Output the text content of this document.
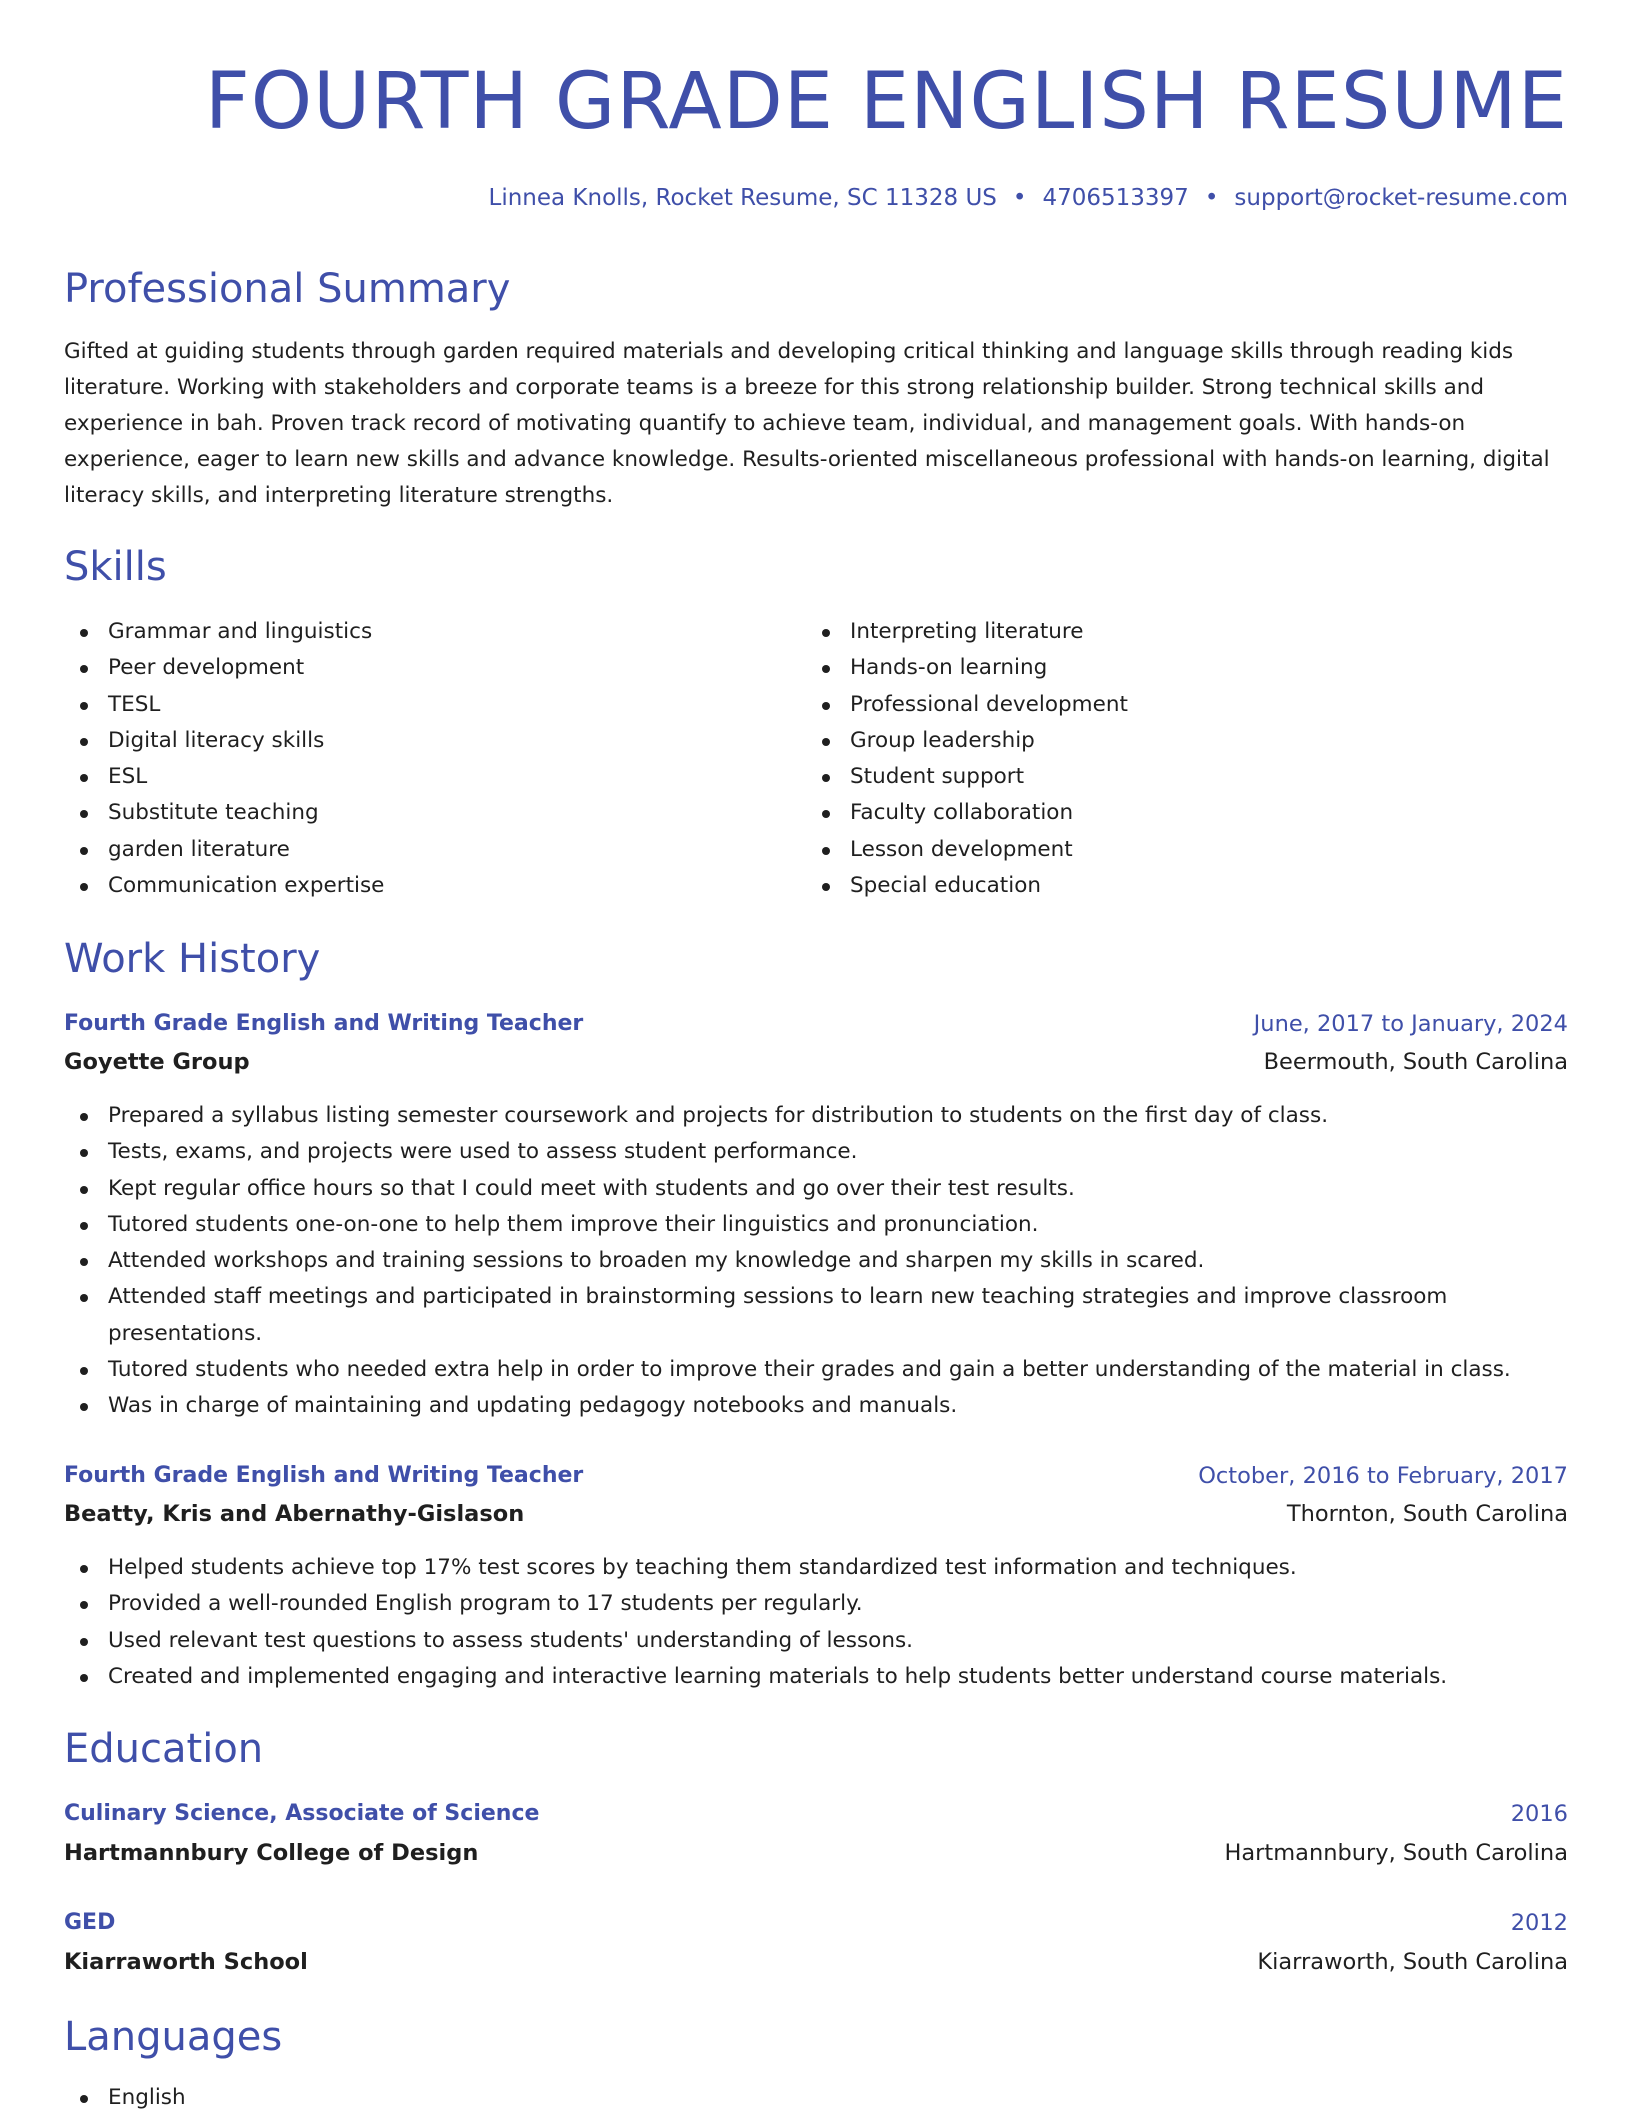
FOURTH GRADE ENGLISH RESUME
Linnea Knolls, Rocket Resume, SC 11328 US • 4706513397 • support@rocket-resume.com
Professional Summary

Gifted at guiding students through garden required materials and developing critical thinking and language skills through reading kids literature. Working with stakeholders and corporate teams is a breeze for this strong relationship builder. Strong technical skills and experience in bah. Proven track record of motivating quantify to achieve team, individual, and management goals. With hands-on experience, eager to learn new skills and advance knowledge. Results-oriented miscellaneous professional with hands-on learning, digital literacy skills, and interpreting literature strengths.

Skills
Grammar and linguistics
Peer development
TESL
Digital literacy skills
ESL
Substitute teaching
garden literature
Communication expertise
Interpreting literature
Hands-on learning
Professional development
Group leadership
Student support
Faculty collaboration
Lesson development
Special education
Work History
Fourth Grade English and Writing Teacher	June, 2017 to January, 2024
Goyette Group	Beermouth, South Carolina
Prepared a syllabus listing semester coursework and projects for distribution to students on the first day of class.
Tests, exams, and projects were used to assess student performance.
Kept regular office hours so that I could meet with students and go over their test results.
Tutored students one-on-one to help them improve their linguistics and pronunciation.
Attended workshops and training sessions to broaden my knowledge and sharpen my skills in scared.
Attended staff meetings and participated in brainstorming sessions to learn new teaching strategies and improve classroom presentations.
Tutored students who needed extra help in order to improve their grades and gain a better understanding of the material in class.
Was in charge of maintaining and updating pedagogy notebooks and manuals.
Fourth Grade English and Writing Teacher	October, 2016 to February, 2017
Beatty, Kris and Abernathy-Gislason	Thornton, South Carolina
Helped students achieve top 17% test scores by teaching them standardized test information and techniques.
Provided a well-rounded English program to 17 students per regularly.
Used relevant test questions to assess students' understanding of lessons.
Created and implemented engaging and interactive learning materials to help students better understand course materials.
Education
Culinary Science, Associate of Science	2016
Hartmannbury College of Design	Hartmannbury, South Carolina
GED	2012
Kiarraworth School	Kiarraworth, South Carolina
Languages
English
